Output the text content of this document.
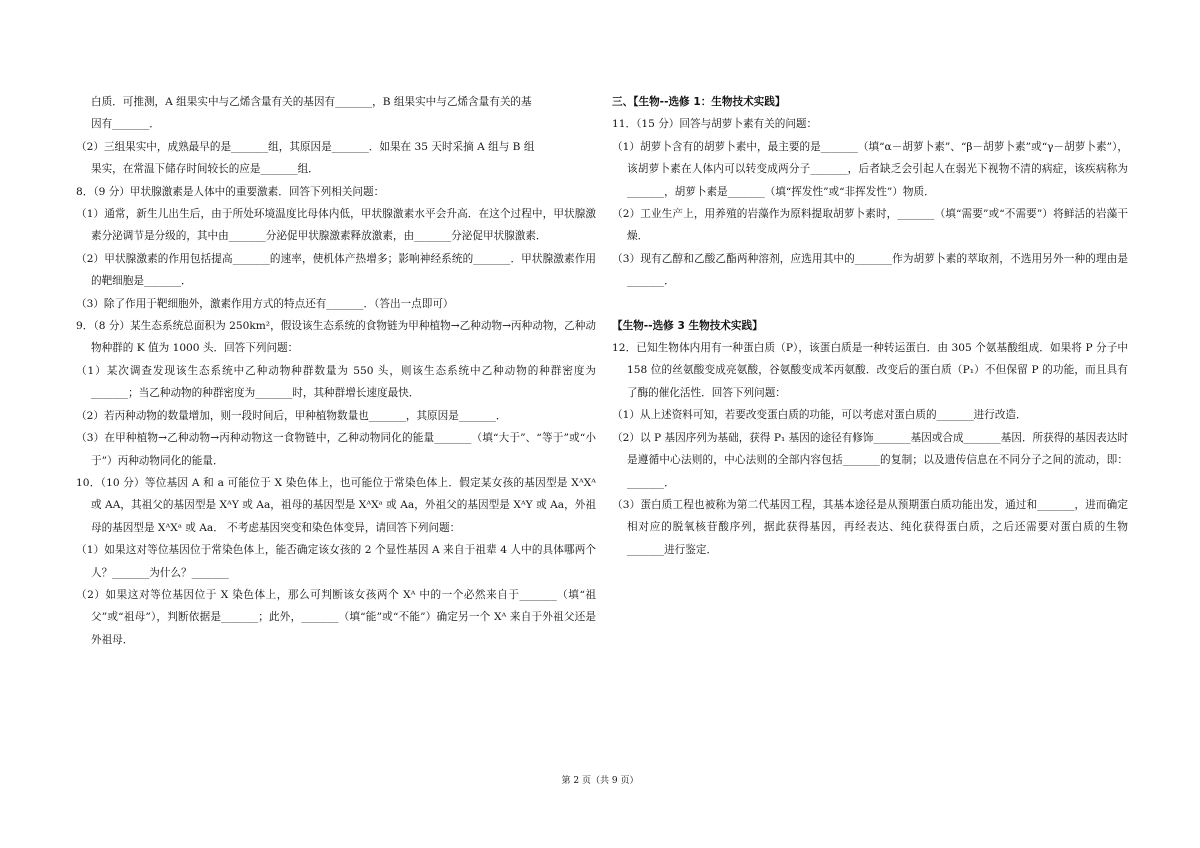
白质．可推测，A 组果实中与乙烯含量有关的基因有_______，B 组果实中与乙烯含量有关的基

因有_______．

（2）三组果实中，成熟最早的是_______组，其原因是_______．如果在 35 天时采摘 A 组与 B 组

果实，在常温下储存时间较长的应是_______组．

8．（9 分）甲状腺激素是人体中的重要激素．回答下列相关问题：

（1）通常，新生儿出生后，由于所处环境温度比母体内低，甲状腺激素水平会升高．在这个过程中，甲状腺激素分泌调节是分级的，其中由_______分泌促甲状腺激素释放激素，由_______分泌促甲状腺激素．

（2）甲状腺激素的作用包括提高_______的速率，使机体产热增多；影响神经系统的_______．甲状腺激素作用的靶细胞是_______．

（3）除了作用于靶细胞外，激素作用方式的特点还有_______．（答出一点即可）

9．（8 分）某生态系统总面积为 250km²，假设该生态系统的食物链为甲种植物→乙种动物→丙种动物，乙种动物种群的 K 值为 1000 头．回答下列问题：

（1）某次调查发现该生态系统中乙种动物种群数量为 550 头，则该生态系统中乙种动物的种群密度为_______；当乙种动物的种群密度为_______时，其种群增长速度最快．

（2）若丙种动物的数量增加，则一段时间后，甲种植物数量也_______，其原因是_______．

（3）在甲种植物→乙种动物→丙种动物这一食物链中，乙种动物同化的能量_______（填“大于”、“等于”或“小于”）丙种动物同化的能量．

10．（10 分）等位基因 A 和 a 可能位于 X 染色体上，也可能位于常染色体上．假定某女孩的基因型是 XᴬXᴬ 或 AA，其祖父的基因型是 XᴬY 或 Aa，祖母的基因型是 XᴬXᵃ 或 Aa，外祖父的基因型是 XᴬY 或 Aa，外祖母的基因型是 XᴬXᵃ 或 Aa． 不考虑基因突变和染色体变异，请回答下列问题：

（1）如果这对等位基因位于常染色体上，能否确定该女孩的 2 个显性基因 A 来自于祖辈 4 人中的具体哪两个人？_______为什么？_______

（2）如果这对等位基因位于 X 染色体上，那么可判断该女孩两个 Xᴬ 中的一个必然来自于_______（填“祖父”或“祖母”），判断依据是_______；此外，_______（填“能”或“不能”）确定另一个 Xᴬ 来自于外祖父还是外祖母．

三、【生物--选修 1：生物技术实践】

11．（15 分）回答与胡萝卜素有关的问题：

（1）胡萝卜含有的胡萝卜素中，最主要的是_______（填“α－胡萝卜素”、“β－胡萝卜素”或“γ－胡萝卜素”），该胡萝卜素在人体内可以转变成两分子_______，后者缺乏会引起人在弱光下视物不清的病症，该疾病称为_______，胡萝卜素是_______（填“挥发性”或“非挥发性”）物质．

（2）工业生产上，用养殖的岩藻作为原料提取胡萝卜素时，_______（填“需要”或“不需要”）将鲜活的岩藻干燥．

（3）现有乙醇和乙酸乙酯两种溶剂，应选用其中的_______作为胡萝卜素的萃取剂，不选用另外一种的理由是_______．

【生物--选修 3 生物技术实践】

12．已知生物体内用有一种蛋白质（P），该蛋白质是一种转运蛋白．由 305 个氨基酸组成．如果将 P 分子中 158 位的丝氨酸变成亮氨酸，谷氨酸变成苯丙氨酸．改变后的蛋白质（P₁）不但保留 P 的功能，而且具有了酶的催化活性．回答下列问题：

（1）从上述资料可知，若要改变蛋白质的功能，可以考虑对蛋白质的_______进行改造．

（2）以 P 基因序列为基础，获得 P₁ 基因的途径有修饰_______基因或合成_______基因．所获得的基因表达时是遵循中心法则的，中心法则的全部内容包括_______的复制；以及遗传信息在不同分子之间的流动，即：_______．

（3）蛋白质工程也被称为第二代基因工程，其基本途径是从预期蛋白质功能出发，通过和_______，进而确定相对应的脱氧核苷酸序列，据此获得基因，再经表达、纯化获得蛋白质，之后还需要对蛋白质的生物_______进行鉴定．

第 2 页（共 9 页）
